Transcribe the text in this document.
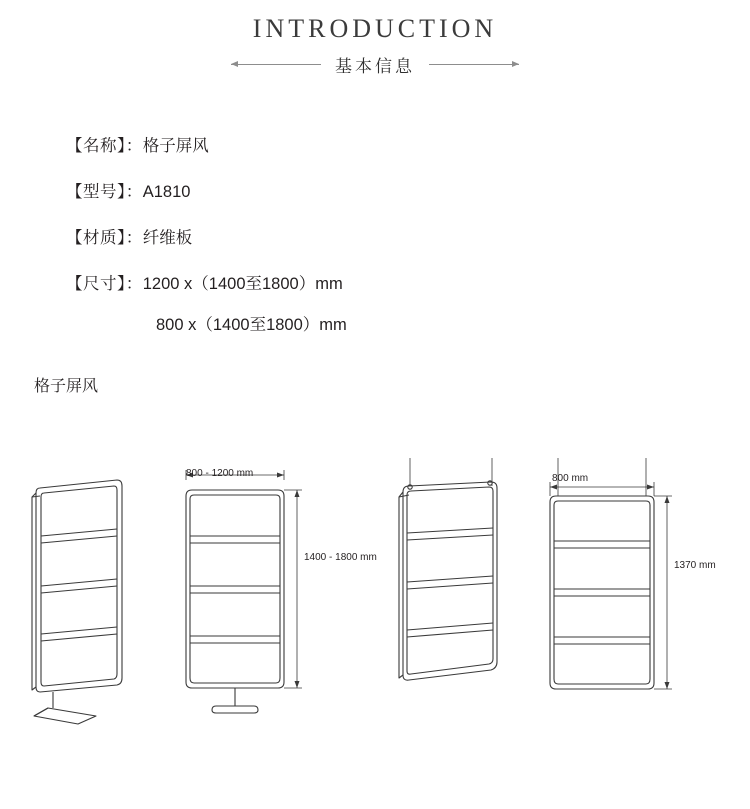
INTRODUCTION
基本信息
【名称】：格子屏风
【型号】：A1810
【材质】：纤维板
【尺寸】：1200 x（1400至1800）mm
800 x（1400至1800）mm
格子屏风
800 - 1200 mm
1400 - 1800 mm
800 mm
1370 mm
